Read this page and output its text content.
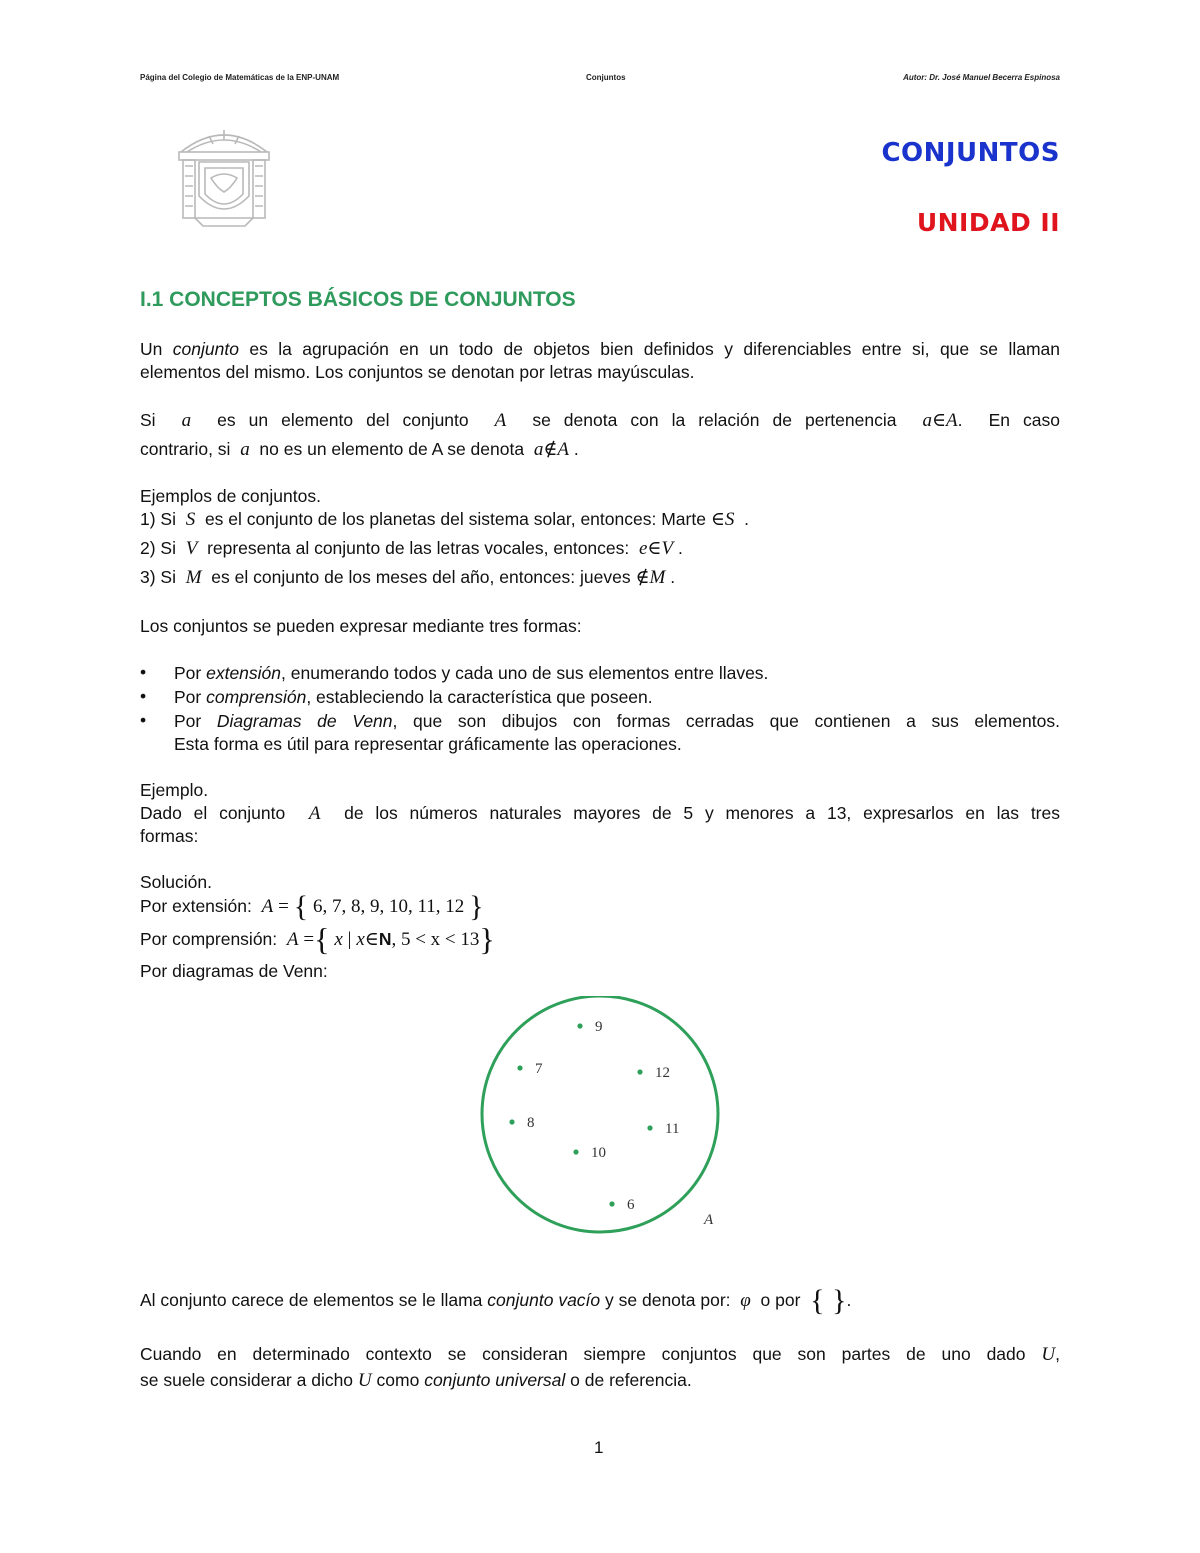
Página del Colegio de Matemáticas de la ENP-UNAM	Conjuntos	Autor: Dr. José Manuel Becerra Espinosa
CONJUNTOS
UNIDAD II
I.1 CONCEPTOS BÁSICOS DE CONJUNTOS
Un conjunto es la agrupación en un todo de objetos bien definidos y diferenciables entre si, que se llaman
elementos del mismo. Los conjuntos se denotan por letras mayúsculas.
Si a es un elemento del conjunto A se denota con la relación de pertenencia a∈A. En caso
contrario, si a no es un elemento de A se denota a∉A .
Ejemplos de conjuntos.
1) Si S es el conjunto de los planetas del sistema solar, entonces: Marte ∈S .
2) Si V representa al conjunto de las letras vocales, entonces: e∈V .
3) Si M es el conjunto de los meses del año, entonces: jueves ∉M .
Los conjuntos se pueden expresar mediante tres formas:
• Por extensión, enumerando todos y cada uno de sus elementos entre llaves.
• Por comprensión, estableciendo la característica que poseen.
• Por Diagramas de Venn, que son dibujos con formas cerradas que contienen a sus elementos.
Esta forma es útil para representar gráficamente las operaciones.
Ejemplo.
Dado el conjunto A de los números naturales mayores de 5 y menores a 13, expresarlos en las tres
formas:
Solución.
Por extensión: A = { 6, 7, 8, 9, 10, 11, 12 }
Por comprensión: A ={ x | x∈N, 5 < x < 13}
Por diagramas de Venn:
9
7	12
8	11
10
6
A
Al conjunto carece de elementos se le llama conjunto vacío y se denota por: φ o por { }.
Cuando en determinado contexto se consideran siempre conjuntos que son partes de uno dado U,
se suele considerar a dicho U como conjunto universal o de referencia.
1
